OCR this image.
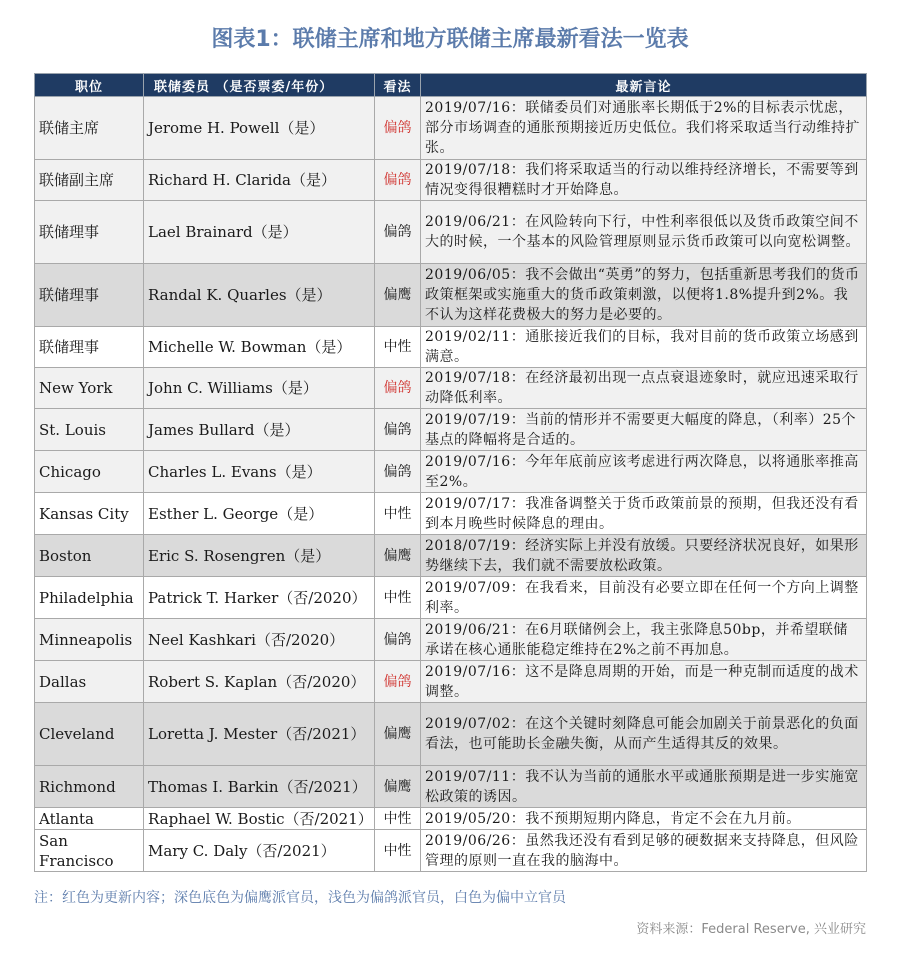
图表1：联储主席和地方联储主席最新看法一览表
职位	联储委员 （是否票委/年份）	看法	最新言论
联储主席	Jerome H. Powell（是）	偏鸽	2019/07/16：联储委员们对通胀率长期低于2%的目标表示忧虑，部分市场调查的通胀预期接近历史低位。我们将采取适当行动维持扩张。
联储副主席	Richard H. Clarida（是）	偏鸽	2019/07/18：我们将采取适当的行动以维持经济增长，不需要等到情况变得很糟糕时才开始降息。
联储理事	Lael Brainard（是）	偏鸽	2019/06/21：在风险转向下行，中性利率很低以及货币政策空间不大的时候，一个基本的风险管理原则显示货币政策可以向宽松调整。
联储理事	Randal K. Quarles（是）	偏鹰	2019/06/05：我不会做出“英勇”的努力，包括重新思考我们的货币政策框架或实施重大的货币政策刺激，以便将1.8%提升到2%。我不认为这样花费极大的努力是必要的。
联储理事	Michelle W. Bowman（是）	中性	2019/02/11：通胀接近我们的目标，我对目前的货币政策立场感到满意。
New York	John C. Williams（是）	偏鸽	2019/07/18：在经济最初出现一点点衰退迹象时，就应迅速采取行动降低利率。
St. Louis	James Bullard（是）	偏鸽	2019/07/19：当前的情形并不需要更大幅度的降息，（利率）25个基点的降幅将是合适的。
Chicago	Charles L. Evans（是）	偏鸽	2019/07/16：今年年底前应该考虑进行两次降息，以将通胀率推高至2%。
Kansas City	Esther L. George（是）	中性	2019/07/17：我准备调整关于货币政策前景的预期，但我还没有看到本月晚些时候降息的理由。
Boston	Eric S. Rosengren（是）	偏鹰	2018/07/19：经济实际上并没有放缓。只要经济状况良好，如果形势继续下去，我们就不需要放松政策。
Philadelphia	Patrick T. Harker（否/2020）	中性	2019/07/09：在我看来，目前没有必要立即在任何一个方向上调整利率。
Minneapolis	Neel Kashkari（否/2020）	偏鸽	2019/06/21：在6月联储例会上，我主张降息50bp，并希望联储承诺在核心通胀能稳定维持在2%之前不再加息。
Dallas	Robert S. Kaplan（否/2020）	偏鸽	2019/07/16：这不是降息周期的开始，而是一种克制而适度的战术调整。
Cleveland	Loretta J. Mester（否/2021）	偏鹰	2019/07/02：在这个关键时刻降息可能会加剧关于前景恶化的负面看法，也可能助长金融失衡，从而产生适得其反的效果。
Richmond	Thomas I. Barkin（否/2021）	偏鹰	2019/07/11：我不认为当前的通胀水平或通胀预期是进一步实施宽松政策的诱因。
Atlanta	Raphael W. Bostic（否/2021）	中性	2019/05/20：我不预期短期内降息，肯定不会在九月前。
San Francisco	Mary C. Daly（否/2021）	中性	2019/06/26：虽然我还没有看到足够的硬数据来支持降息，但风险管理的原则一直在我的脑海中。
注：红色为更新内容；深色底色为偏鹰派官员，浅色为偏鸽派官员，白色为偏中立官员
资料来源：Federal Reserve, 兴业研究
